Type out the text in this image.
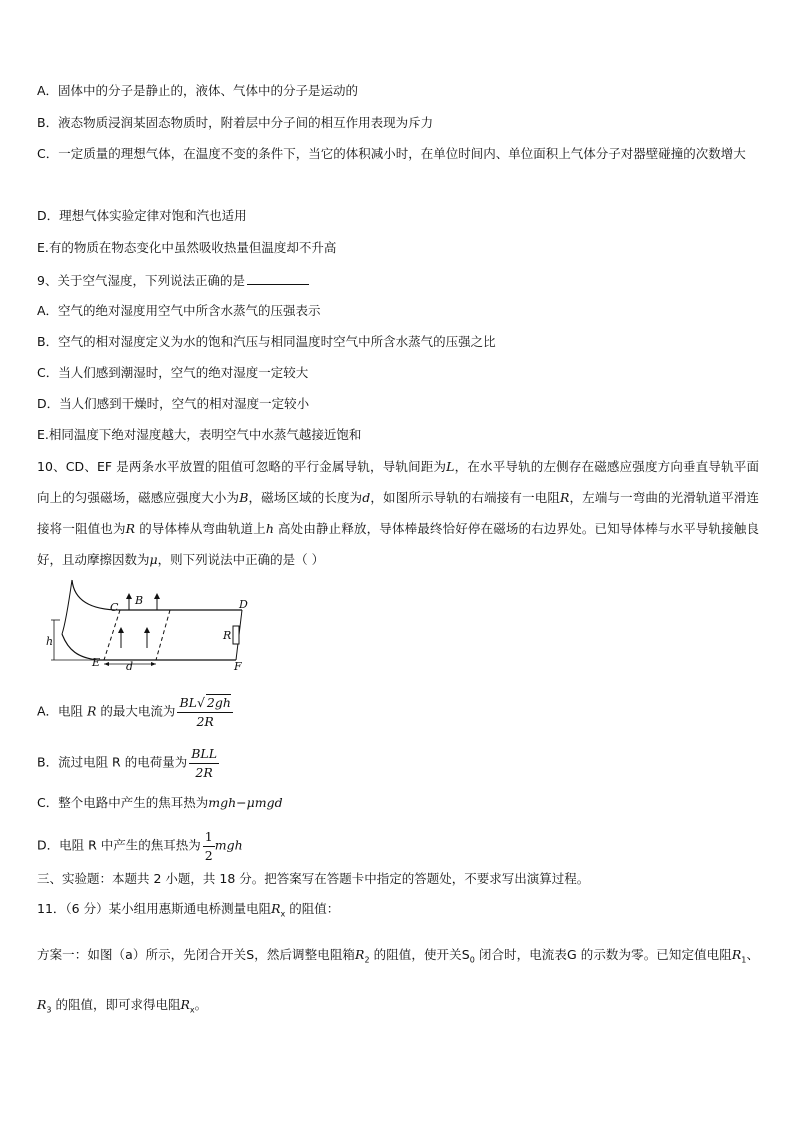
A．固体中的分子是静止的，液体、气体中的分子是运动的
B．液态物质浸润某固态物质时，附着层中分子间的相互作用表现为斥力
C．一定质量的理想气体，在温度不变的条件下，当它的体积减小时，在单位时间内、单位面积上气体分子对器壁碰撞的次数增大
D．理想气体实验定律对饱和汽也适用
E.有的物质在物态变化中虽然吸收热量但温度却不升高
9、关于空气湿度，下列说法正确的是
A．空气的绝对湿度用空气中所含水蒸气的压强表示
B．空气的相对湿度定义为水的饱和汽压与相同温度时空气中所含水蒸气的压强之比
C．当人们感到潮湿时，空气的绝对湿度一定较大
D．当人们感到干燥时，空气的相对湿度一定较小
E.相同温度下绝对湿度越大，表明空气中水蒸气越接近饱和
10、CD、EF 是两条水平放置的阻值可忽略的平行金属导轨，导轨间距为L，在水平导轨的左侧存在磁感应强度方向垂直导轨平面向上的匀强磁场，磁感应强度大小为B，磁场区域的长度为d，如图所示导轨的右端接有一电阻R，左端与一弯曲的光滑轨道平滑连接将一阻值也为R 的导体棒从弯曲轨道上h 高处由静止释放，导体棒最终恰好停在磁场的右边界处。已知导体棒与水平导轨接触良好，且动摩擦因数为μ，则下列说法中正确的是（ ）
C
B	D
R
h
E d	F
A．电阻 R 的最大电流为 $\frac{BL√ 2gh}{2R}$
B．流过电阻 R 的电荷量为 $\frac{\text{BLL}}{2R}$
C．整个电路中产生的焦耳热为mgh−μmgd
D．电阻 R 中产生的焦耳热为 $\frac{1}{2}$ mgh
三、实验题：本题共 2 小题，共 18 分。把答案写在答题卡中指定的答题处，不要求写出演算过程。
11．（6 分）某小组用惠斯通电桥测量电阻$R_x$ 的阻值：
方案一：如图（a）所示，先闭合开关S，然后调整电阻箱$R_2$ 的阻值，使开关$S_0$ 闭合时，电流表G 的示数为零。已知定值电阻$R_1$、$R_3$ 的阻值，即可求得电阻$R_x$。
